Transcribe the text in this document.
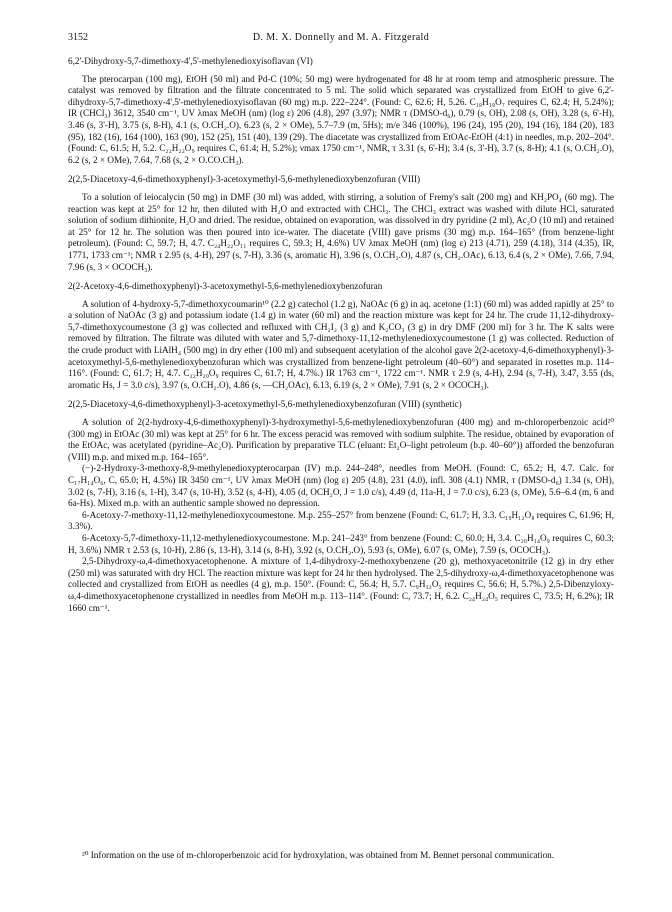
3152	D. M. X. Donnelly and M. A. Fitzgerald

6,2'-Dihydroxy-5,7-dimethoxy-4',5'-methylenedioxyisoflavan (VI)

The pterocarpan (100 mg), EtOH (50 ml) and Pd-C (10%; 50 mg) were hydrogenated for 48 hr at room temp and atmospheric pressure. The catalyst was removed by filtration and the filtrate concentrated to 5 ml. The solid which separated was crystallized from EtOH to give 6,2'-dihydroxy-5,7-dimethoxy-4',5'-methylenedioxyisoflavan (60 mg) m.p. 222–224°. (Found: C, 62.6; H, 5.26. C₁₈H₁₈O₇ requires C, 62.4; H, 5.24%); IR (CHCl₃) 3612, 3540 cm⁻¹, UV λmax MeOH (nm) (log ε) 206 (4.8), 297 (3.97); NMR τ (DMSO-d₆), 0.79 (s, OH), 2.08 (s, OH), 3.28 (s, 6'-H), 3.46 (s, 3'-H), 3.75 (s, 8-H), 4.1 (s, O.CH₂.O), 6.23 (s, 2 × OMe), 5.7–7.9 (m, 5Hs); m/e 346 (100%), 196 (24), 195 (20), 194 (16), 184 (20), 183 (95), 182 (16), 164 (100), 163 (90), 152 (25), 151 (40), 139 (29). The diacetate was crystallized from EtOAc-EtOH (4:1) in needles, m.p. 202–204°. (Found: C, 61.5; H, 5.2. C₂₂H₂₂O₉ requires C, 61.4; H, 5.2%); νmax 1750 cm⁻¹, NMR, τ 3.31 (s, 6'-H); 3.4 (s, 3'-H), 3.7 (s, 8-H); 4.1 (s, O.CH₂.O), 6.2 (s, 2 × OMe), 7.64, 7.68 (s, 2 × O.CO.CH₃).

2(2,5-Diacetoxy-4,6-dimethoxyphenyl)-3-acetoxymethyl-5,6-methylenedioxybenzofuran (VIII)

To a solution of leiocalycin (50 mg) in DMF (30 ml) was added, with stirring, a solution of Fremy's salt (200 mg) and KH₂PO₄ (60 mg). The reaction was kept at 25° for 12 hr, then diluted with H₂O and extracted with CHCl₃. The CHCl₃ extract was washed with dilute HCl, saturated solution of sodium dithionite, H₂O and dried. The residue, obtained on evaporation, was dissolved in dry pyridine (2 ml), Ac₂O (10 ml) and retained at 25° for 12 hr. The solution was then poured into ice-water. The diacetate (VIII) gave prisms (30 mg) m.p. 164–165° (from benzene-light petroleum). (Found: C, 59.7; H, 4.7. C₂₄H₂₂O₁₁ requires C, 59.3; H, 4.6%) UV λmax MeOH (nm) (log ε) 213 (4.71), 259 (4.18), 314 (4.35), IR, 1771, 1733 cm⁻¹; NMR τ 2.95 (s, 4-H), 297 (s, 7-H), 3.36 (s, aromatic H), 3.96 (s, O.CH₂.O), 4.87 (s, CH₂.OAc), 6.13, 6.4 (s, 2 × OMe), 7.66, 7.94, 7.96 (s, 3 × OCOCH₃).

2(2-Acetoxy-4,6-dimethoxyphenyl)-3-acetoxymethyl-5,6-methylenedioxybenzofuran

A solution of 4-hydroxy-5,7-dimethoxycoumarin¹⁰ (2.2 g) catechol (1.2 g), NaOAc (6 g) in aq. acetone (1:1) (60 ml) was added rapidly at 25° to a solution of NaOAc (3 g) and potassium iodate (1.4 g) in water (60 ml) and the reaction mixture was kept for 24 hr. The crude 11,12-dihydroxy-5,7-dimethoxycoumestone (3 g) was collected and refluxed with CH₂I₂ (3 g) and K₂CO₃ (3 g) in dry DMF (200 ml) for 3 hr. The K salts were removed by filtration. The filtrate was diluted with water and 5,7-dimethoxy-11,12-methylenedioxycoumestone (1 g) was collected. Reduction of the crude product with LiAlH₄ (500 mg) in dry ether (100 ml) and subsequent acetylation of the alcohol gave 2(2-acetoxy-4,6-dimethoxyphenyl)-3-acetoxymethyl-5,6-methylenedioxybenzofuran which was crystallized from benzene-light petroleum (40–60°) and separated in rosettes m.p. 114–116°. (Found: C, 61.7; H, 4.7. C₂₂H₂₀O₉ requires C, 61.7; H, 4.7%.) IR 1763 cm⁻¹, 1722 cm⁻¹. NMR τ 2.9 (s, 4-H), 2.94 (s, 7-H), 3.47, 3.55 (ds, aromatic Hs, J = 3.0 c/s), 3.97 (s, O.CH₂.O), 4.86 (s, —CH₂OAc), 6.13, 6.19 (s, 2 × OMe), 7.91 (s, 2 × OCOCH₃).

2(2,5-Diacetoxy-4,6-dimethoxyphenyl)-3-acetoxymethyl-5,6-methylenedioxybenzofuran (VIII) (synthetic)

A solution of 2(2-hydroxy-4,6-dimethoxyphenyl)-3-hydroxymethyl-5,6-methylenedioxybenzofuran (400 mg) and m-chloroperbenzoic acid²⁰ (300 mg) in EtOAc (30 ml) was kept at 25° for 6 hr. The excess peracid was removed with sodium sulphite. The residue, obtained by evaporation of the EtOAc, was acetylated (pyridine–Ac₂O). Purification by preparative TLC (eluant: Et₂O–light petroleum (b.p. 40–60°)) afforded the benzofuran (VIII) m.p. and mixed m.p. 164–165°.

(−)-2-Hydroxy-3-methoxy-8,9-methylenedioxypterocarpan (IV) m.p. 244–248°, needles from MeOH. (Found: C, 65.2; H, 4.7. Calc. for C₁₇H₁₄O₆, C, 65.0; H, 4.5%) IR 3450 cm⁻¹, UV λmax MeOH (nm) (log ε) 205 (4.8), 231 (4.0), infl. 308 (4.1) NMR, τ (DMSO-d₆) 1.34 (s, OH), 3.02 (s, 7-H), 3.16 (s, 1-H), 3.47 (s, 10-H), 3.52 (s, 4-H), 4.05 (d, OCH₂O, J = 1.0 c/s), 4.49 (d, 11a-H, J = 7.0 c/s), 6.23 (s, OMe), 5.6–6.4 (m, 6 and 6a-Hs). Mixed m.p. with an authentic sample showed no depression.

6-Acetoxy-7-methoxy-11,12-methylenedioxycoumestone. M.p. 255–257° from benzene (Found: C, 61.7; H, 3.3. C₁₉H₁₂O₈ requires C, 61.96; H, 3.3%).

6-Acetoxy-5,7-dimethoxy-11,12-methylenedioxycoumestone. M.p. 241–243° from benzene (Found: C, 60.0; H, 3.4. C₂₀H₁₄O₉ requires C, 60.3; H, 3.6%) NMR τ 2.53 (s, 10-H), 2.86 (s, 13-H), 3.14 (s, 8-H), 3.92 (s, O.CH₂.O), 5.93 (s, OMe), 6.07 (s, OMe), 7.59 (s, OCOCH₃).

2,5-Dihydroxy-ω,4-dimethoxyacetophenone. A mixture of 1,4-dihydroxy-2-methoxybenzene (20 g), methoxyacetonitrile (12 g) in dry ether (250 ml) was saturated with dry HCl. The reaction mixture was kept for 24 hr then hydrolysed. The 2,5-dihydroxy-ω,4-dimethoxyacetophenone was collected and crystallized from EtOH as needles (4 g), m.p. 150°. (Found: C, 56.4; H, 5.7. C₉H₁₂O₅ requires C, 56.6; H, 5.7%.) 2,5-Dibenzyloxy-ω,4-dimethoxyacetophenone crystallized in needles from MeOH m.p. 113–114°. (Found: C, 73.7; H, 6.2. C₂₄H₂₄O₅ requires C, 73.5; H, 6.2%); IR 1660 cm⁻¹.

²⁰ Information on the use of m-chloroperbenzoic acid for hydroxylation, was obtained from M. Bennet personal communication.
